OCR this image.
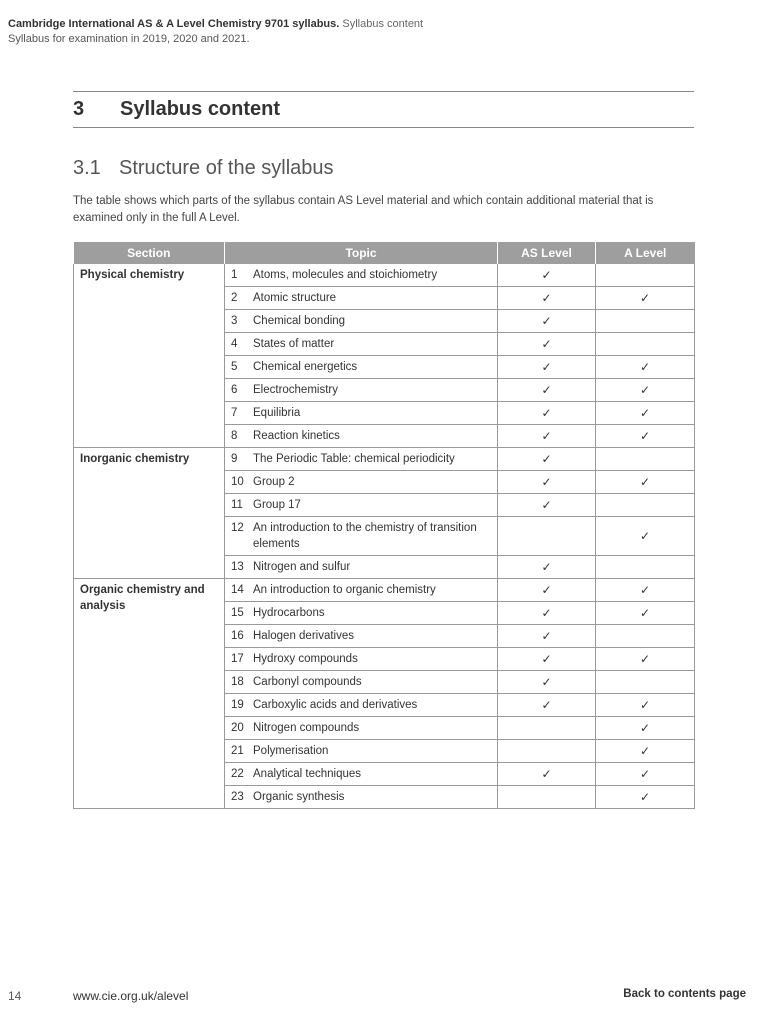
Cambridge International AS & A Level Chemistry 9701 syllabus. Syllabus content
Syllabus for examination in 2019, 2020 and 2021.
3	Syllabus content
3.1 Structure of the syllabus
The table shows which parts of the syllabus contain AS Level material and which contain additional material that is examined only in the full A Level.
Section	Topic	AS Level	A Level
Physical chemistry	1 Atoms, molecules and stoichiometry	✓	

	2 Atomic structure	✓	✓

	3 Chemical bonding	✓	

	4 States of matter	✓	

	5 Chemical energetics	✓	✓

	6 Electrochemistry	✓	✓

	7 Equilibria	✓	✓

	8 Reaction kinetics	✓	✓
Inorganic chemistry	9 The Periodic Table: chemical periodicity	✓	

	10 Group 2	✓	✓

	11 Group 17	✓	

	12 An introduction to the chemistry of transition elements		✓

	13 Nitrogen and sulfur	✓	
Organic chemistry and analysis	14 An introduction to organic chemistry	✓	✓

	15 Hydrocarbons	✓	✓

	16 Halogen derivatives	✓	

	17 Hydroxy compounds	✓	✓

	18 Carbonyl compounds	✓	

	19 Carboxylic acids and derivatives	✓	✓

	20 Nitrogen compounds		✓

	21 Polymerisation		✓

	22 Analytical techniques	✓	✓

	23 Organic synthesis		✓
14	www.cie.org.uk/alevel	Back to contents page
